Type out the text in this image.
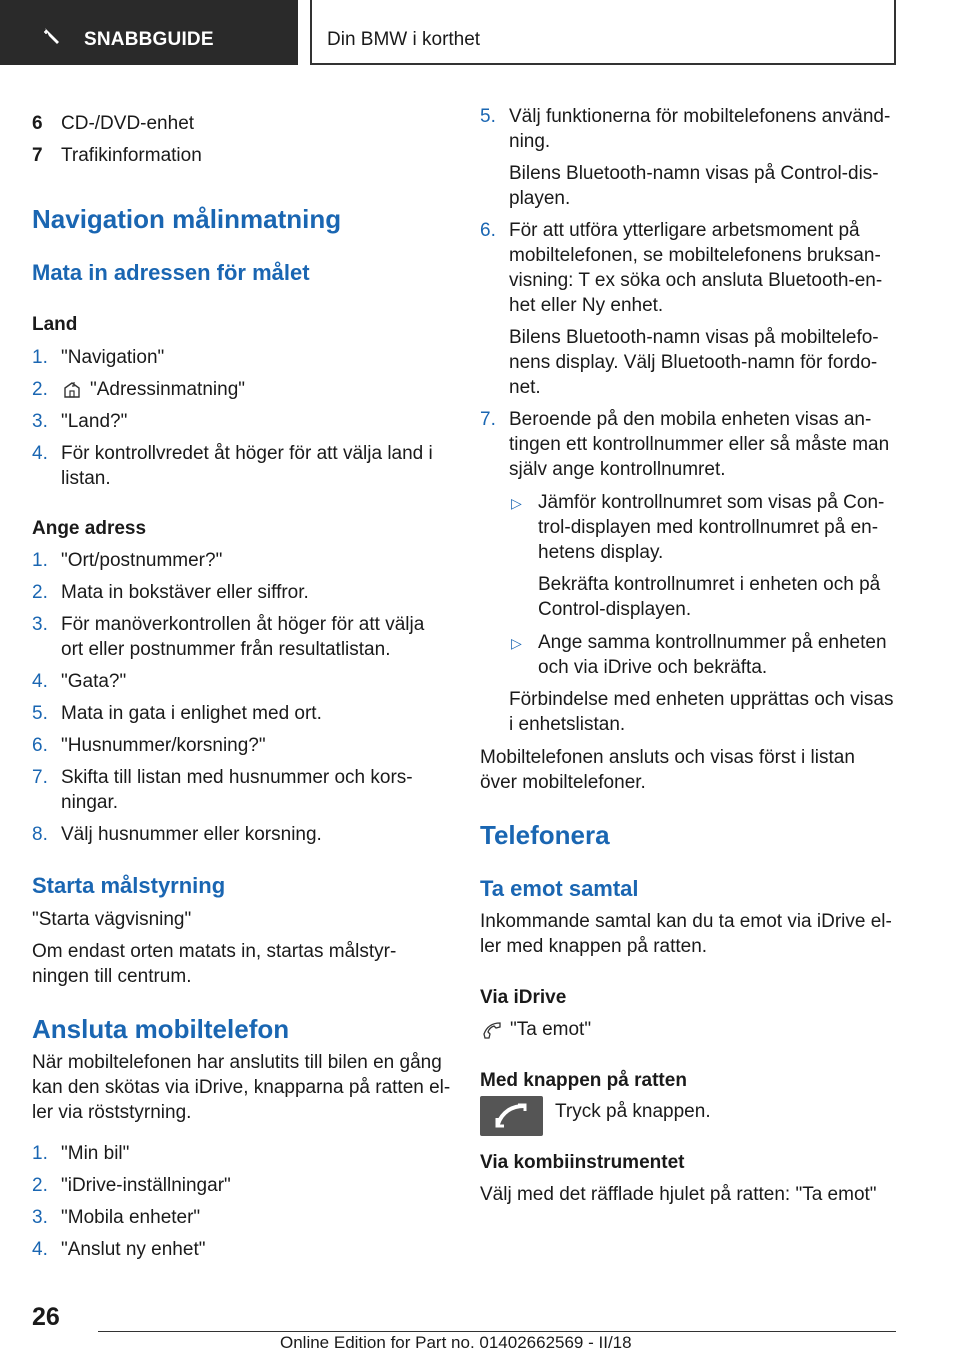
SNABBGUIDE	Din BMW i korthet
6 CD-/DVD-enhet
7 Trafikinformation
Navigation målinmatning
Mata in adressen för målet
Land
1. "Navigation"
2. "Adressinmatning"
3. "Land?"
4. För kontrollvredet åt höger för att välja land i
listan.
Ange adress
1. "Ort/postnummer?"
2. Mata in bokstäver eller siffror.
3. För manöverkontrollen åt höger för att välja
ort eller postnummer från resultatlistan.
4. "Gata?"
5. Mata in gata i enlighet med ort.
6. "Husnummer/korsning?"
7. Skifta till listan med husnummer och kors-
ningar.
8. Välj husnummer eller korsning.
Starta målstyrning
"Starta vägvisning"
Om endast orten matats in, startas målstyr-
ningen till centrum.
Ansluta mobiltelefon
När mobiltelefonen har anslutits till bilen en gång
kan den skötas via iDrive, knapparna på ratten el-
ler via röststyrning.
1. "Min bil"
2. "iDrive-inställningar"
3. "Mobila enheter"
4. "Anslut ny enhet"
5. Välj funktionerna för mobiltelefonens använd-
ning.
Bilens Bluetooth-namn visas på Control-dis-
playen.
6. För att utföra ytterligare arbetsmoment på
mobiltelefonen, se mobiltelefonens bruksan-
visning: T ex söka och ansluta Bluetooth-en-
het eller Ny enhet.
Bilens Bluetooth-namn visas på mobiltelefo-
nens display. Välj Bluetooth-namn för fordo-
net.
7. Beroende på den mobila enheten visas an-
tingen ett kontrollnummer eller så måste man
själv ange kontrollnumret.
▷ Jämför kontrollnumret som visas på Con-
trol-displayen med kontrollnumret på en-
hetens display.
Bekräfta kontrollnumret i enheten och på
Control-displayen.
▷ Ange samma kontrollnummer på enheten
och via iDrive och bekräfta.
Förbindelse med enheten upprättas och visas
i enhetslistan.
Mobiltelefonen ansluts och visas först i listan
över mobiltelefoner.
Telefonera
Ta emot samtal
Inkommande samtal kan du ta emot via iDrive el-
ler med knappen på ratten.
Via iDrive
"Ta emot"
Med knappen på ratten
Tryck på knappen.
Via kombiinstrumentet
Välj med det räfflade hjulet på ratten: "Ta emot"
26
Online Edition for Part no. 01402662569 - II/18
